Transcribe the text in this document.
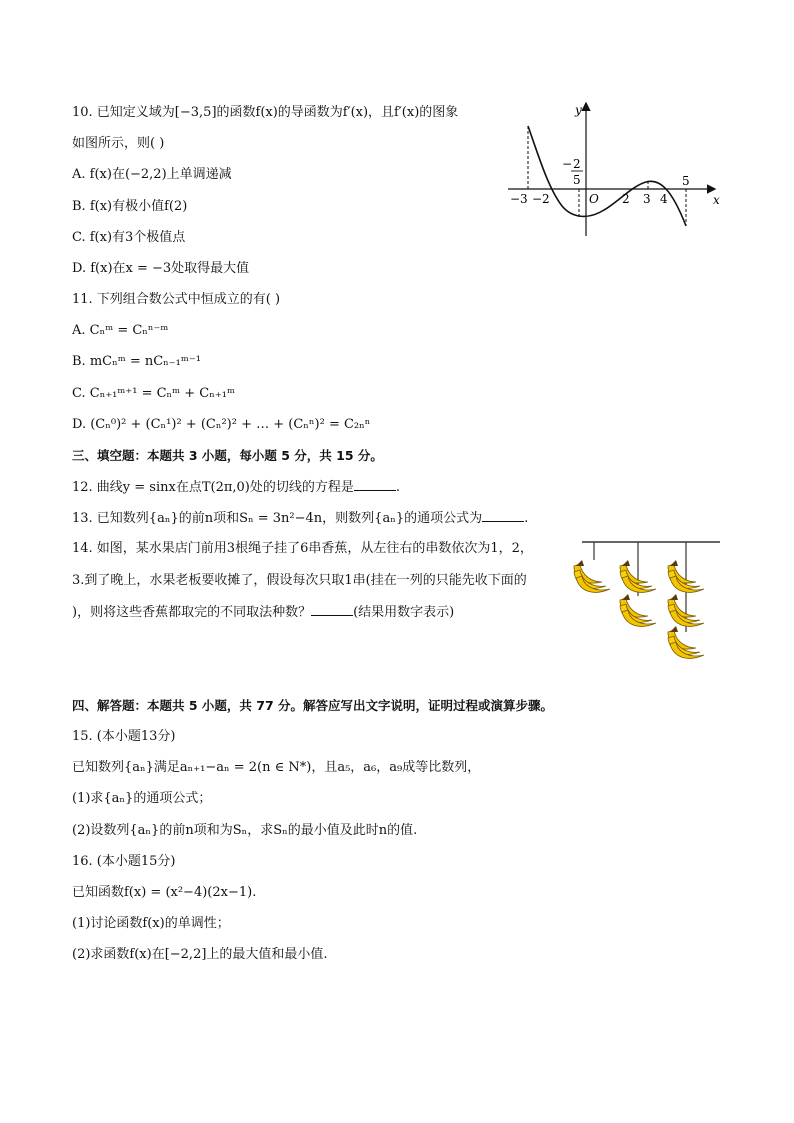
10. 已知定义域为[−3,5]的函数f(x)的导函数为f′(x)，且f′(x)的图象
如图所示，则( )
A. f(x)在(−2,2)上单调递减
B. f(x)有极小值f(2)
C. f(x)有3个极值点
D. f(x)在x = −3处取得最大值
y
x
O
−3 −2	2 3 4
5
− 2
5
11. 下列组合数公式中恒成立的有( )
A. Cₙᵐ = Cₙⁿ⁻ᵐ
B. mCₙᵐ = nCₙ₋₁ᵐ⁻¹
C. Cₙ₊₁ᵐ⁺¹ = Cₙᵐ + Cₙ₊₁ᵐ
D. (Cₙ⁰)² + (Cₙ¹)² + (Cₙ²)² + … + (Cₙⁿ)² = C₂ₙⁿ
三、填空题：本题共 3 小题，每小题 5 分，共 15 分。
12. 曲线y = sinx在点T(2π,0)处的切线的方程是	.
13. 已知数列{aₙ}的前n项和Sₙ = 3n²−4n，则数列{aₙ}的通项公式为	.
14. 如图，某水果店门前用3根绳子挂了6串香蕉，从左往右的串数依次为1，2，
3.到了晚上，水果老板要收摊了，假设每次只取1串(挂在一列的只能先收下面的
)，则将这些香蕉都取完的不同取法种数？	(结果用数字表示)
四、解答题：本题共 5 小题，共 77 分。解答应写出文字说明，证明过程或演算步骤。
15. (本小题13分)
已知数列{aₙ}满足aₙ₊₁−aₙ = 2(n ∈ N*)，且a₅，a₆，a₉成等比数列，
(1)求{aₙ}的通项公式；
(2)设数列{aₙ}的前n项和为Sₙ，求Sₙ的最小值及此时n的值.
16. (本小题15分)
已知函数f(x) = (x²−4)(2x−1).
(1)讨论函数f(x)的单调性；
(2)求函数f(x)在[−2,2]上的最大值和最小值.
